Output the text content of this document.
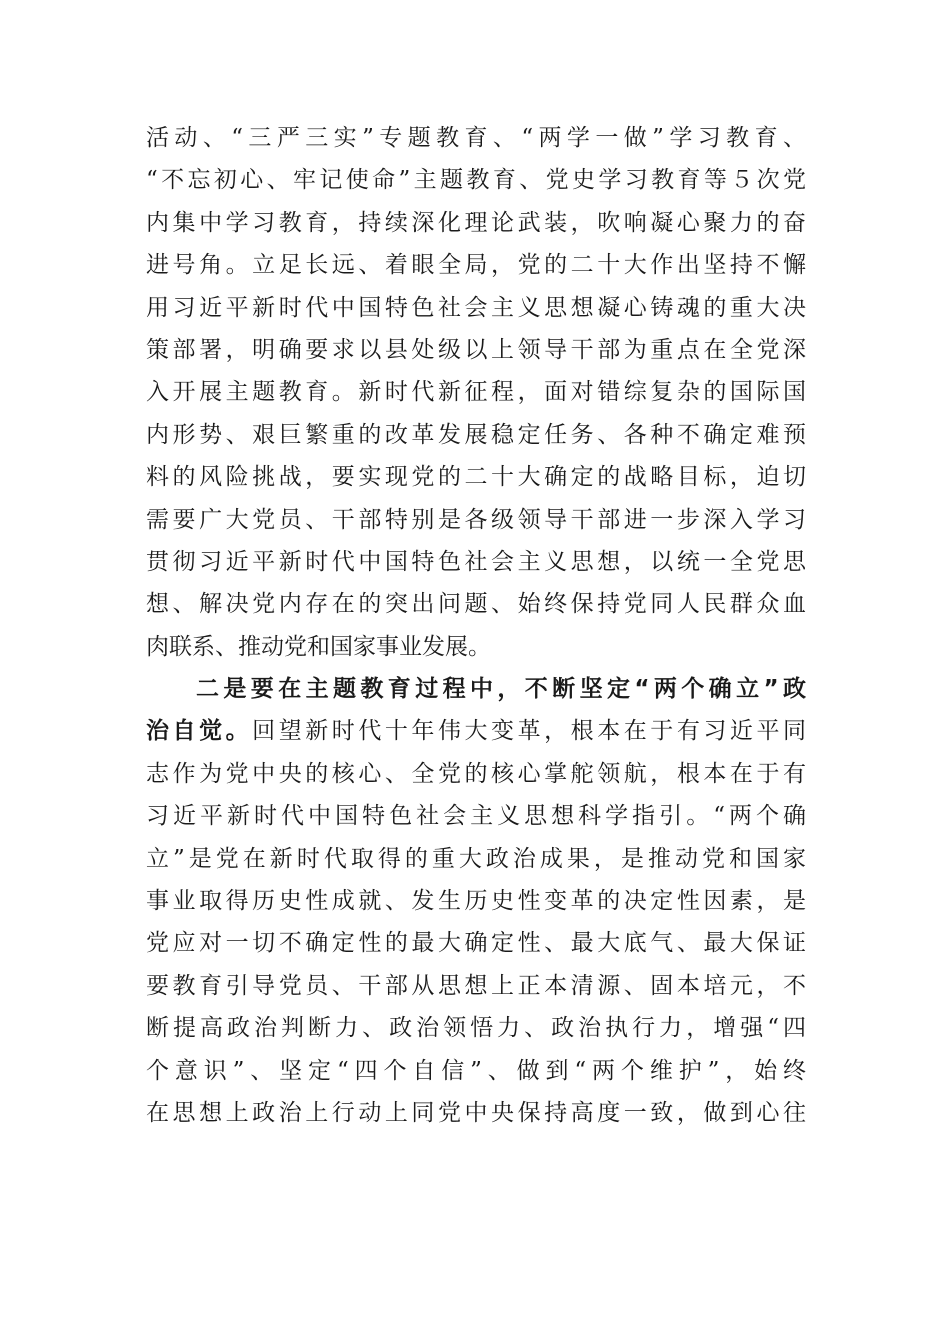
活动、“三严三实”专题教育、“两学一做”学习教育、
“不忘初心、牢记使命”主题教育、党史学习教育等５次党
内集中学习教育，持续深化理论武装，吹响凝心聚力的奋
进号角。立足长远、着眼全局，党的二十大作出坚持不懈
用习近平新时代中国特色社会主义思想凝心铸魂的重大决
策部署，明确要求以县处级以上领导干部为重点在全党深
入开展主题教育。新时代新征程，面对错综复杂的国际国
内形势、艰巨繁重的改革发展稳定任务、各种不确定难预
料的风险挑战，要实现党的二十大确定的战略目标，迫切
需要广大党员、干部特别是各级领导干部进一步深入学习
贯彻习近平新时代中国特色社会主义思想，以统一全党思
想、解决党内存在的突出问题、始终保持党同人民群众血
肉联系、推动党和国家事业发展。
二是要在主题教育过程中，不断坚定“两个确立”政
治自觉。回望新时代十年伟大变革，根本在于有习近平同
志作为党中央的核心、全党的核心掌舵领航，根本在于有
习近平新时代中国特色社会主义思想科学指引。“两个确
立”是党在新时代取得的重大政治成果，是推动党和国家
事业取得历史性成就、发生历史性变革的决定性因素，是
党应对一切不确定性的最大确定性、最大底气、最大保证
要教育引导党员、干部从思想上正本清源、固本培元，不
断提高政治判断力、政治领悟力、政治执行力，增强“四
个意识”、坚定“四个自信”、做到“两个维护”，始终
在思想上政治上行动上同党中央保持高度一致，做到心往
